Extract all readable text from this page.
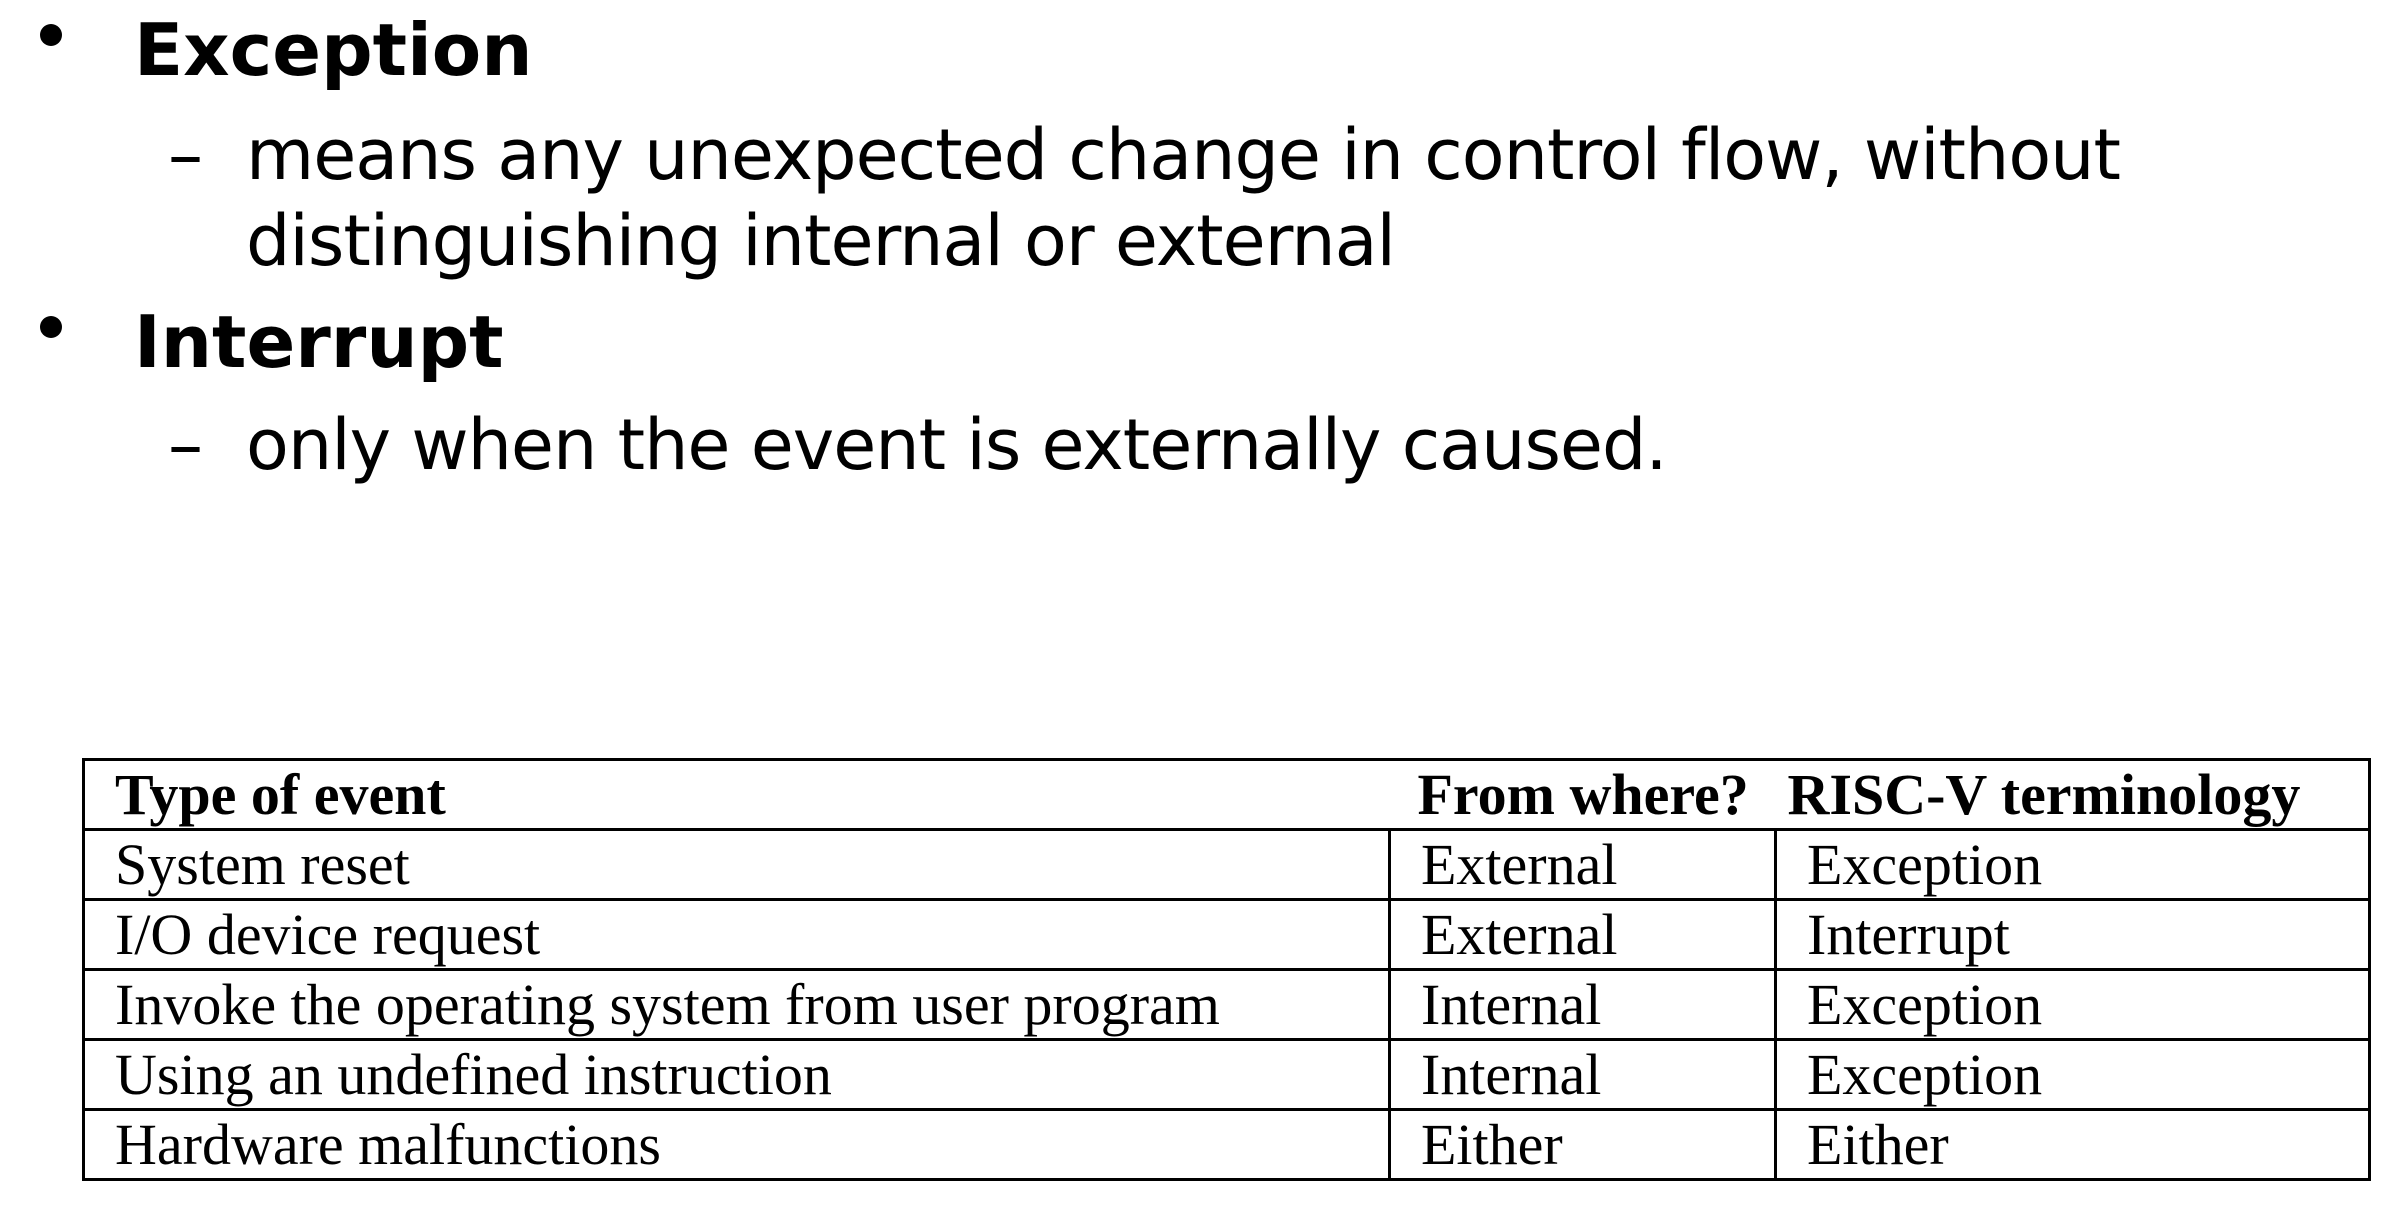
Exception
– means any unexpected change in control flow, without distinguishing internal or external
Interrupt
– only when the event is externally caused.
Type of event	From where?	RISC-V terminology
System reset	External	Exception
I/O device request	External	Interrupt
Invoke the operating system from user program	Internal	Exception
Using an undefined instruction	Internal	Exception
Hardware malfunctions	Either	Either
